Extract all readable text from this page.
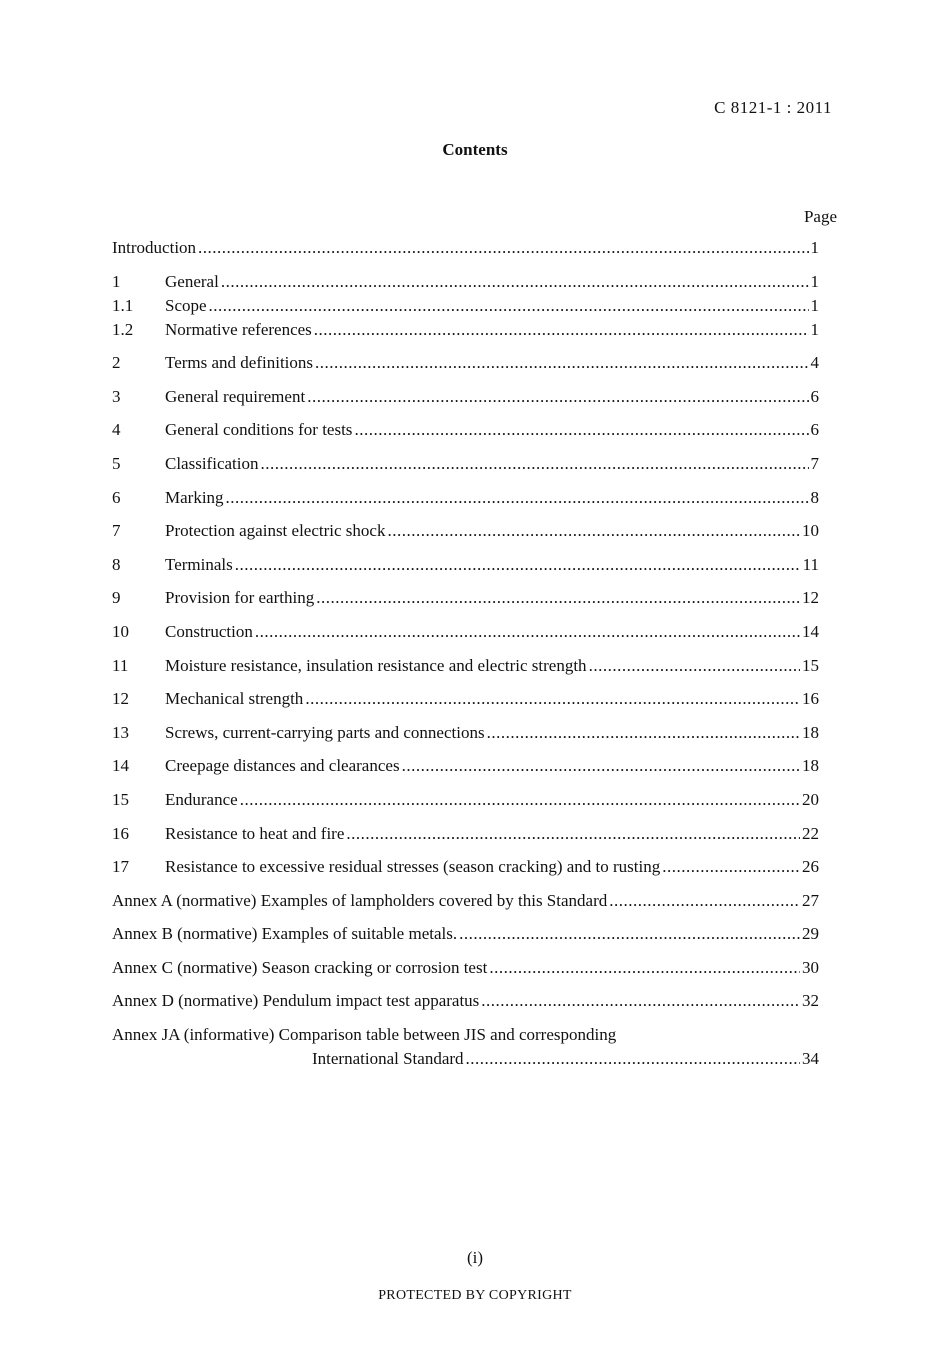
C 8121-1 : 2011
Contents
Page
Introduction .....	1
1	General .....	1
1.1	Scope .....	1
1.2	Normative references .....	1
2	Terms and definitions .....	4
3	General requirement .....	6
4	General conditions for tests .....	6
5	Classification .....	7
6	Marking .....	8
7	Protection against electric shock .....	10
8	Terminals .....	11
9	Provision for earthing .....	12
10	Construction .....	14
11	Moisture resistance, insulation resistance and electric strength .....	15
12	Mechanical strength .....	16
13	Screws, current-carrying parts and connections .....	18
14	Creepage distances and clearances .....	18
15	Endurance .....	20
16	Resistance to heat and fire .....	22
17	Resistance to excessive residual stresses (season cracking) and to rusting .....	26
Annex A (normative) Examples of lampholders covered by this Standard .....	27
Annex B (normative) Examples of suitable metals. .....	29
Annex C (normative) Season cracking or corrosion test .....	30
Annex D (normative) Pendulum impact test apparatus .....	32
Annex JA (informative) Comparison table between JIS and corresponding
International Standard .....	34
(i)
PROTECTED BY COPYRIGHT
